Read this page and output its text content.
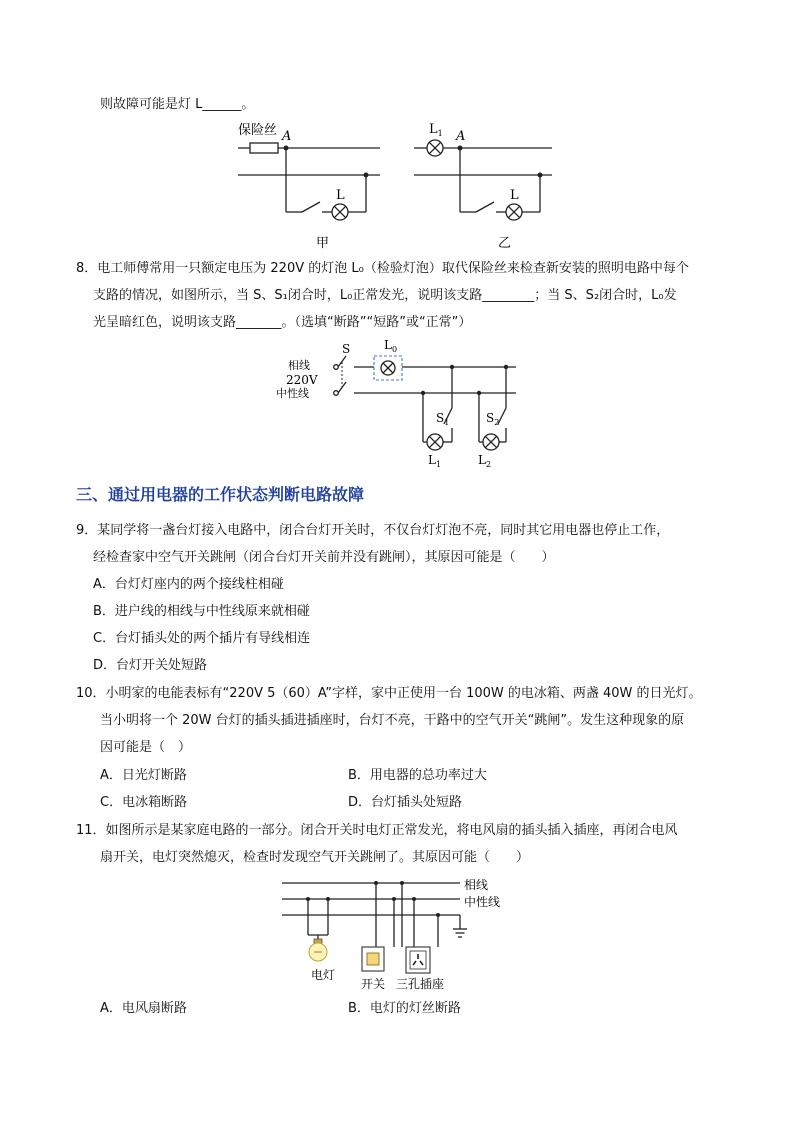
则故障可能是灯 L______。
保险丝 A
L
甲
$L_1$ A
L
乙
8．电工师傅常用一只额定电压为 220V 的灯泡 L₀（检验灯泡）取代保险丝来检查新安装的照明电路中每个
支路的情况，如图所示，当 S、S₁闭合时，L₀正常发光，说明该支路________；当 S、S₂闭合时，L₀发
光呈暗红色，说明该支路_______。（选填“断路”“短路”或“正常”）
相线
220V
中性线
S	$L_0$
$S_1$
$L_1$
$S_2$
$L_2$
三、通过用电器的工作状态判断电路故障
9．某同学将一盏台灯接入电路中，闭合台灯开关时，不仅台灯灯泡不亮，同时其它用电器也停止工作，
经检查家中空气开关跳闸（闭合台灯开关前并没有跳闸），其原因可能是（　　）
A．台灯灯座内的两个接线柱相碰
B．进户线的相线与中性线原来就相碰
C．台灯插头处的两个插片有导线相连
D．台灯开关处短路
10．小明家的电能表标有“220V 5（60）A”字样，家中正使用一台 100W 的电冰箱、两盏 40W 的日光灯。
当小明将一个 20W 台灯的插头插进插座时，台灯不亮，干路中的空气开关“跳闸”。发生这种现象的原
因可能是（　）
A．日光灯断路	B．用电器的总功率过大
C．电冰箱断路	D．台灯插头处短路
11．如图所示是某家庭电路的一部分。闭合开关时电灯正常发光，将电风扇的插头插入插座，再闭合电风
扇开关，电灯突然熄灭，检查时发现空气开关跳闸了。其原因可能（　　）
相线
中性线
电灯
开关 三孔插座
A．电风扇断路	B．电灯的灯丝断路
